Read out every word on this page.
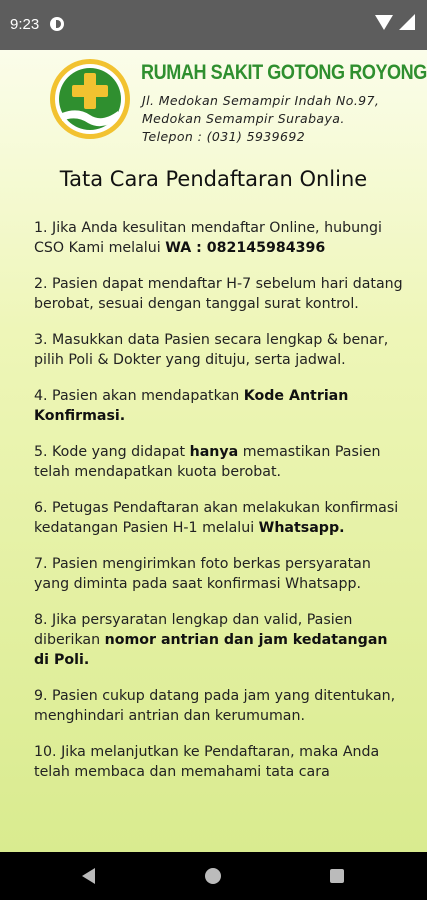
9:23
RUMAH SAKIT GOTONG ROYONG
Jl. Medokan Semampir Indah No.97,
Medokan Semampir Surabaya.
Telepon : (031) 5939692
Tata Cara Pendaftaran Online

1. Jika Anda kesulitan mendaftar Online, hubungi CSO Kami melalui WA : 082145984396

2. Pasien dapat mendaftar H-7 sebelum hari datang berobat, sesuai dengan tanggal surat kontrol.

3. Masukkan data Pasien secara lengkap & benar, pilih Poli & Dokter yang dituju, serta jadwal.

4. Pasien akan mendapatkan Kode Antrian Konfirmasi.

5. Kode yang didapat hanya memastikan Pasien telah mendapatkan kuota berobat.

6. Petugas Pendaftaran akan melakukan konfirmasi kedatangan Pasien H-1 melalui Whatsapp.

7. Pasien mengirimkan foto berkas persyaratan yang diminta pada saat konfirmasi Whatsapp.

8. Jika persyaratan lengkap dan valid, Pasien diberikan nomor antrian dan jam kedatangan di Poli.

9. Pasien cukup datang pada jam yang ditentukan, menghindari antrian dan kerumuman.

10. Jika melanjutkan ke Pendaftaran, maka Anda telah membaca dan memahami tata cara
